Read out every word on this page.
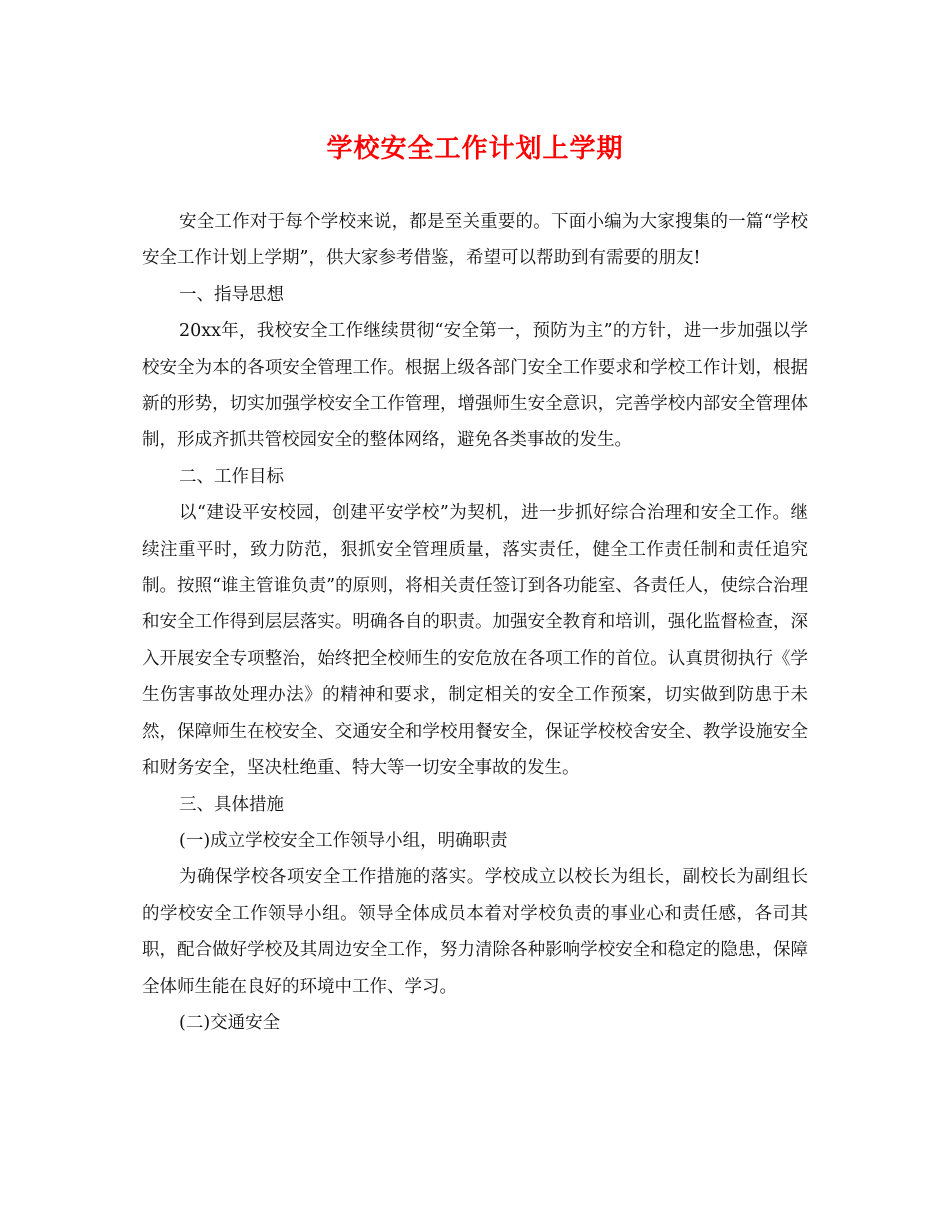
学校安全工作计划上学期

安全工作对于每个学校来说，都是至关重要的。下面小编为大家搜集的一篇“学校安全工作计划上学期”，供大家参考借鉴，希望可以帮助到有需要的朋友!

一、指导思想

20xx年，我校安全工作继续贯彻“安全第一，预防为主”的方针，进一步加强以学校安全为本的各项安全管理工作。根据上级各部门安全工作要求和学校工作计划，根据新的形势，切实加强学校安全工作管理，增强师生安全意识，完善学校内部安全管理体制，形成齐抓共管校园安全的整体网络，避免各类事故的发生。

二、工作目标

以“建设平安校园，创建平安学校”为契机，进一步抓好综合治理和安全工作。继续注重平时，致力防范，狠抓安全管理质量，落实责任，健全工作责任制和责任追究制。按照“谁主管谁负责”的原则，将相关责任签订到各功能室、各责任人，使综合治理和安全工作得到层层落实。明确各自的职责。加强安全教育和培训，强化监督检查，深入开展安全专项整治，始终把全校师生的安危放在各项工作的首位。认真贯彻执行《学生伤害事故处理办法》的精神和要求，制定相关的安全工作预案，切实做到防患于未然，保障师生在校安全、交通安全和学校用餐安全，保证学校校舍安全、教学设施安全和财务安全，坚决杜绝重、特大等一切安全事故的发生。

三、具体措施

(一)成立学校安全工作领导小组，明确职责

为确保学校各项安全工作措施的落实。学校成立以校长为组长，副校长为副组长的学校安全工作领导小组。领导全体成员本着对学校负责的事业心和责任感，各司其职，配合做好学校及其周边安全工作，努力清除各种影响学校安全和稳定的隐患，保障全体师生能在良好的环境中工作、学习。

(二)交通安全
